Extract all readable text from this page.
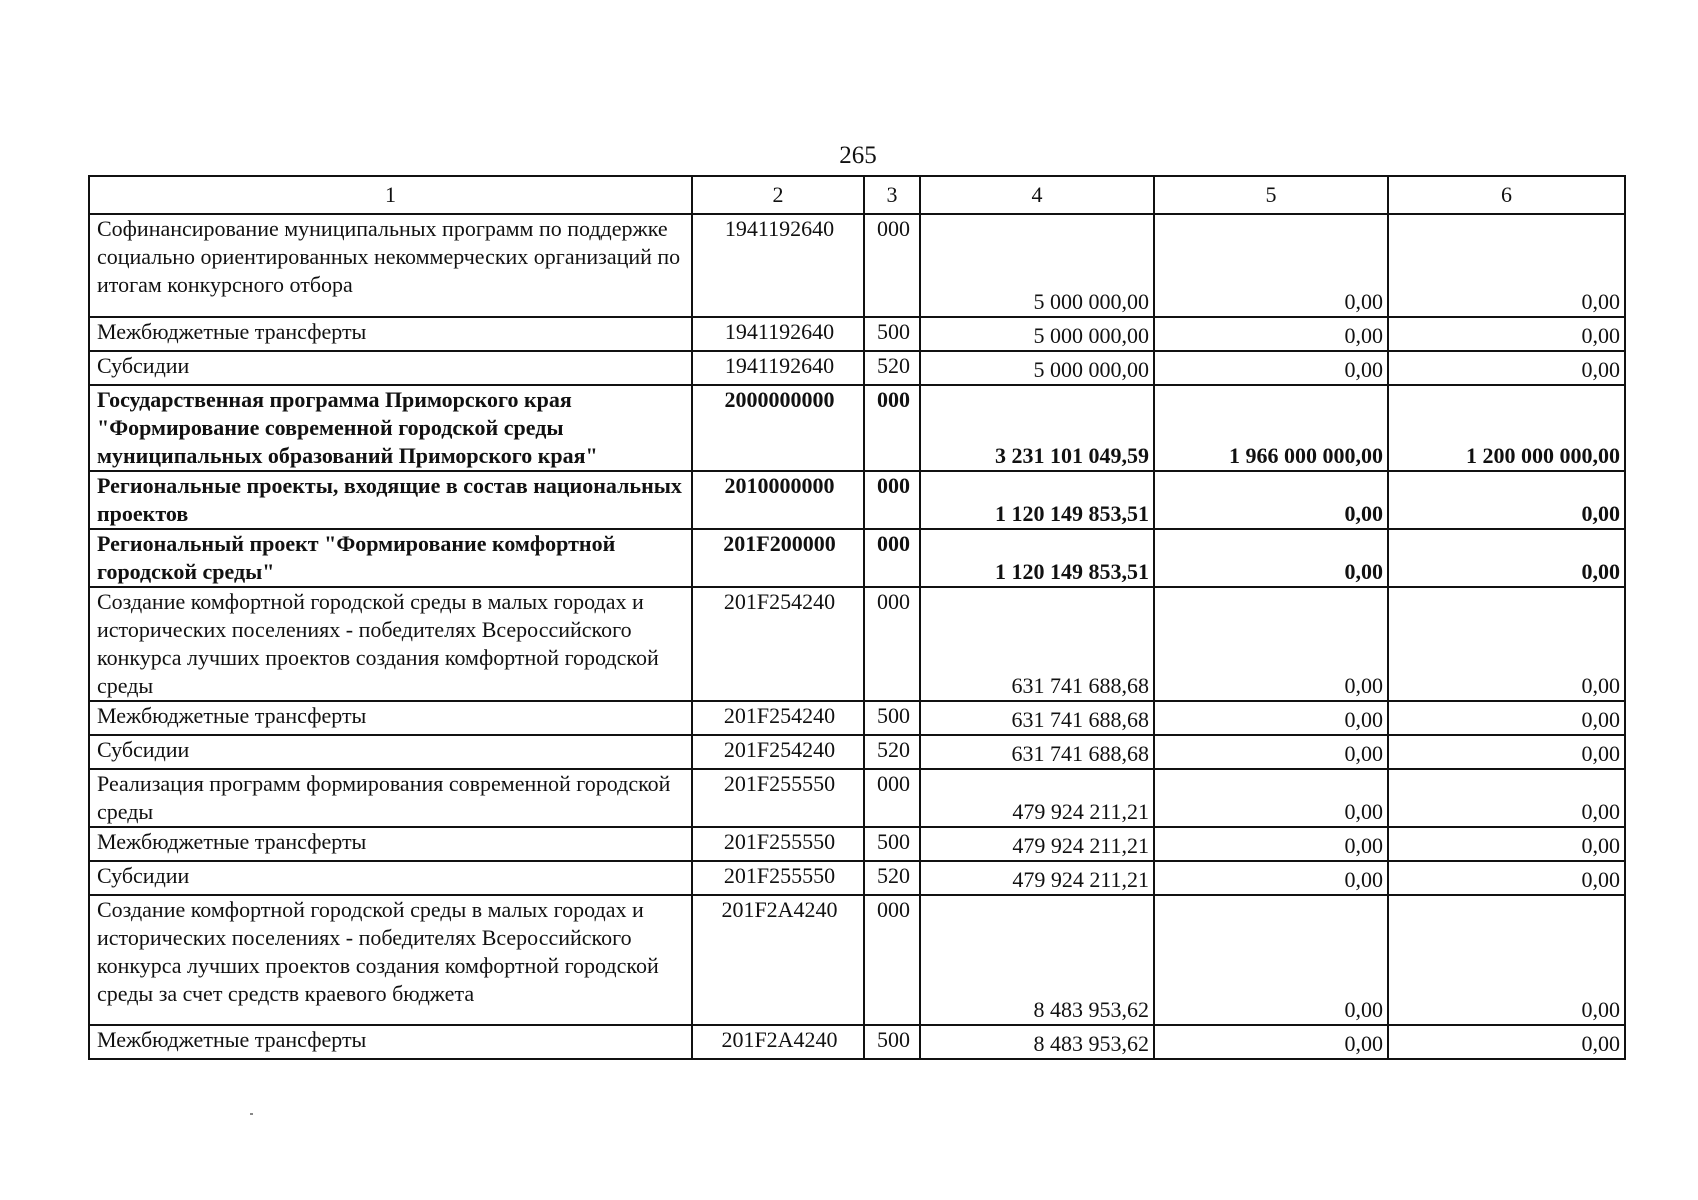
265
1	2	3	4	5	6
Софинансирование муниципальных программ по поддержке социально ориентированных некоммерческих организаций по итогам конкурсного отбора	1941192640	000	5 000 000,00	0,00	0,00
Межбюджетные трансферты	1941192640	500	5 000 000,00	0,00	0,00
Субсидии	1941192640	520	5 000 000,00	0,00	0,00
Государственная программа Приморского края "Формирование современной городской среды муниципальных образований Приморского края"	2000000000	000	3 231 101 049,59	1 966 000 000,00	1 200 000 000,00
Региональные проекты, входящие в состав национальных проектов	2010000000	000	1 120 149 853,51	0,00	0,00
Региональный проект "Формирование комфортной городской среды"	201F200000	000	1 120 149 853,51	0,00	0,00
Создание комфортной городской среды в малых городах и исторических поселениях - победителях Всероссийского конкурса лучших проектов создания комфортной городской среды	201F254240	000	631 741 688,68	0,00	0,00
Межбюджетные трансферты	201F254240	500	631 741 688,68	0,00	0,00
Субсидии	201F254240	520	631 741 688,68	0,00	0,00
Реализация программ формирования современной городской среды	201F255550	000	479 924 211,21	0,00	0,00
Межбюджетные трансферты	201F255550	500	479 924 211,21	0,00	0,00
Субсидии	201F255550	520	479 924 211,21	0,00	0,00
Создание комфортной городской среды в малых городах и исторических поселениях - победителях Всероссийского конкурса лучших проектов создания комфортной городской среды за счет средств краевого бюджета	201F2A4240	000	8 483 953,62	0,00	0,00
Межбюджетные трансферты	201F2A4240	500	8 483 953,62	0,00	0,00
